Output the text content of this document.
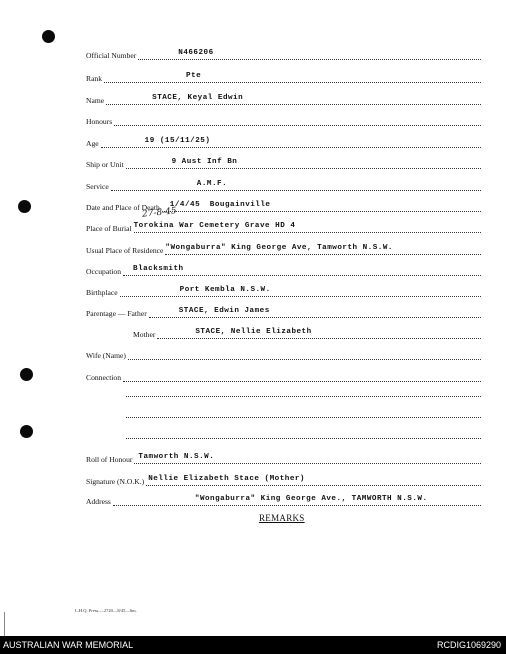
Official Number	N466206
Rank	Pte
Name	STACE, Keyal Edwin
Honours
Age	19 (15/11/25)
Ship or Unit	9 Aust Inf Bn
Service	A.M.F.
Date and Place of Death 1/4/45 Bougainville
27-8-45
Place of Burial Torokina War Cemetery Grave HD 4
Usual Place of Residence "Wongaburra" King George Ave, Tamworth N.S.W.
Occupation Blacksmith
Birthplace	Port Kembla N.S.W.
Parentage — Father	STACE, Edwin James
Mother	STACE, Nellie Elizabeth
Wife (Name)
Connection
Roll of Honour Tamworth N.S.W.
Signature (N.O.K.) Nellie Elizabeth Stace (Mother)
Address	"Wongaburra" King George Ave., TAMWORTH N.S.W.
REMARKS
L.H.Q. Press.—2720—8/45—6m.
AUSTRALIAN WAR MEMORIAL	RCDIG1069290
